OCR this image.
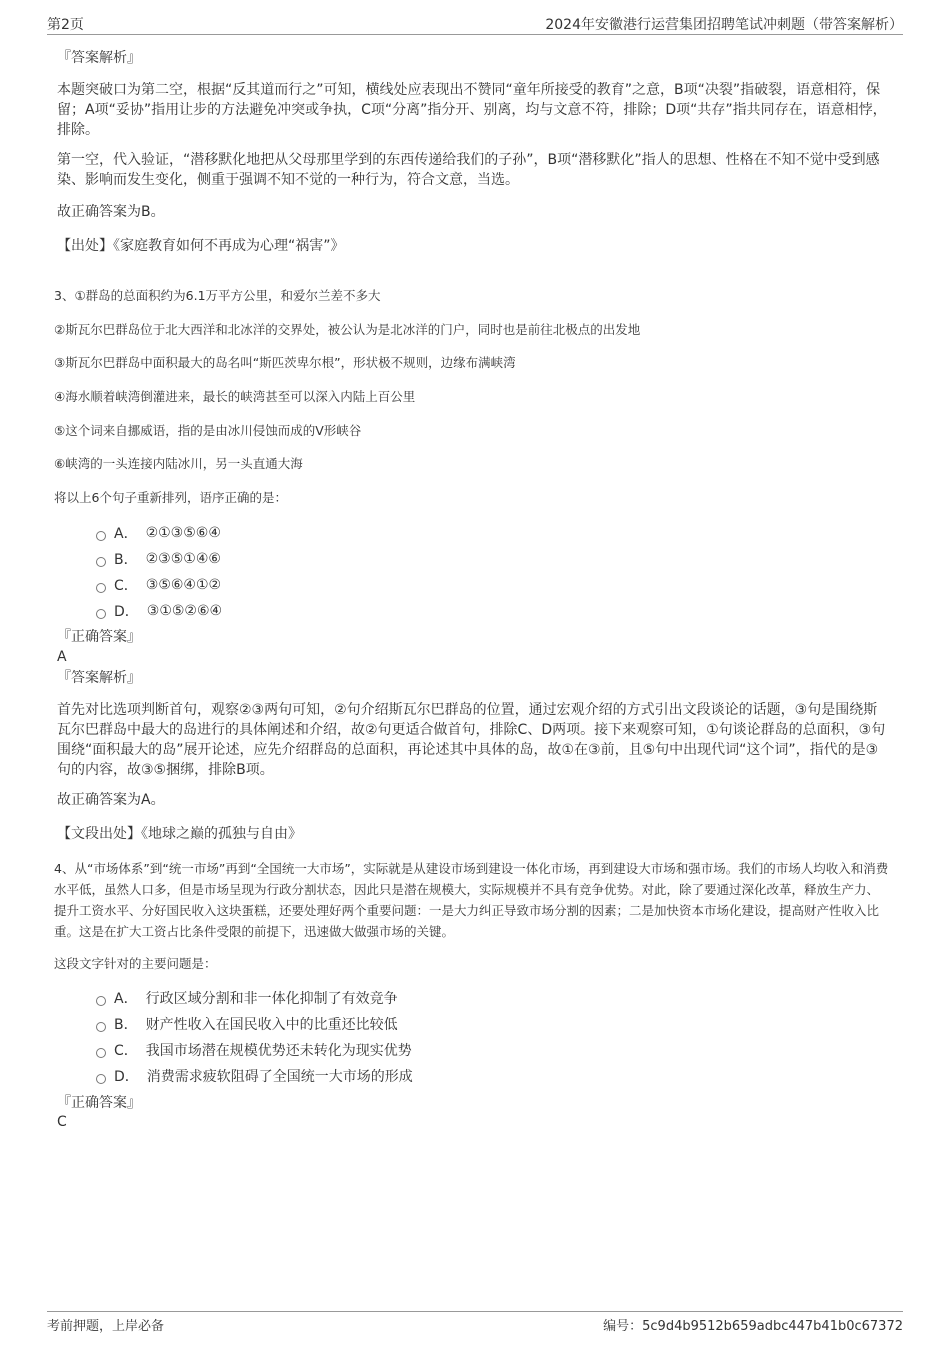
第2页	2024年安徽港行运营集团招聘笔试冲刺题（带答案解析）
『答案解析』
本题突破口为第二空，根据“反其道而行之”可知，横线处应表现出不赞同“童年所接受的教育”之意，B项“决裂”指破裂，语意相符，保留；A项“妥协”指用让步的方法避免冲突或争执，C项“分离”指分开、别离，均与文意不符，排除；D项“共存”指共同存在，语意相悖，排除。
第一空，代入验证，“潜移默化地把从父母那里学到的东西传递给我们的子孙”，B项“潜移默化”指人的思想、性格在不知不觉中受到感染、影响而发生变化，侧重于强调不知不觉的一种行为，符合文意，当选。
故正确答案为B。
【出处】《家庭教育如何不再成为心理“祸害”》
3、①群岛的总面积约为6.1万平方公里，和爱尔兰差不多大
②斯瓦尔巴群岛位于北大西洋和北冰洋的交界处，被公认为是北冰洋的门户，同时也是前往北极点的出发地
③斯瓦尔巴群岛中面积最大的岛名叫“斯匹茨卑尔根”，形状极不规则，边缘布满峡湾
④海水顺着峡湾倒灌进来，最长的峡湾甚至可以深入内陆上百公里
⑤这个词来自挪威语，指的是由冰川侵蚀而成的V形峡谷
⑥峡湾的一头连接内陆冰川，另一头直通大海
将以上6个句子重新排列，语序正确的是：
A． ②①③⑤⑥④
B． ②③⑤①④⑥
C． ③⑤⑥④①②
D． ③①⑤②⑥④
『正确答案』
A
『答案解析』
首先对比选项判断首句，观察②③两句可知，②句介绍斯瓦尔巴群岛的位置，通过宏观介绍的方式引出文段谈论的话题，③句是围绕斯瓦尔巴群岛中最大的岛进行的具体阐述和介绍，故②句更适合做首句，排除C、D两项。接下来观察可知，①句谈论群岛的总面积，③句围绕“面积最大的岛”展开论述，应先介绍群岛的总面积，再论述其中具体的岛，故①在③前，且⑤句中出现代词“这个词”，指代的是③句的内容，故③⑤捆绑，排除B项。
故正确答案为A。
【文段出处】《地球之巅的孤独与自由》
4、从“市场体系”到“统一市场”再到“全国统一大市场”，实际就是从建设市场到建设一体化市场，再到建设大市场和强市场。我们的市场人均收入和消费水平低，虽然人口多，但是市场呈现为行政分割状态，因此只是潜在规模大，实际规模并不具有竞争优势。对此，除了要通过深化改革，释放生产力、提升工资水平、分好国民收入这块蛋糕，还要处理好两个重要问题：一是大力纠正导致市场分割的因素；二是加快资本市场化建设，提高财产性收入比重。这是在扩大工资占比条件受限的前提下，迅速做大做强市场的关键。
这段文字针对的主要问题是：
A． 行政区域分割和非一体化抑制了有效竞争
B． 财产性收入在国民收入中的比重还比较低
C． 我国市场潜在规模优势还未转化为现实优势
D． 消费需求疲软阻碍了全国统一大市场的形成
『正确答案』
C
考前押题，上岸必备	编号：5c9d4b9512b659adbc447b41b0c67372
